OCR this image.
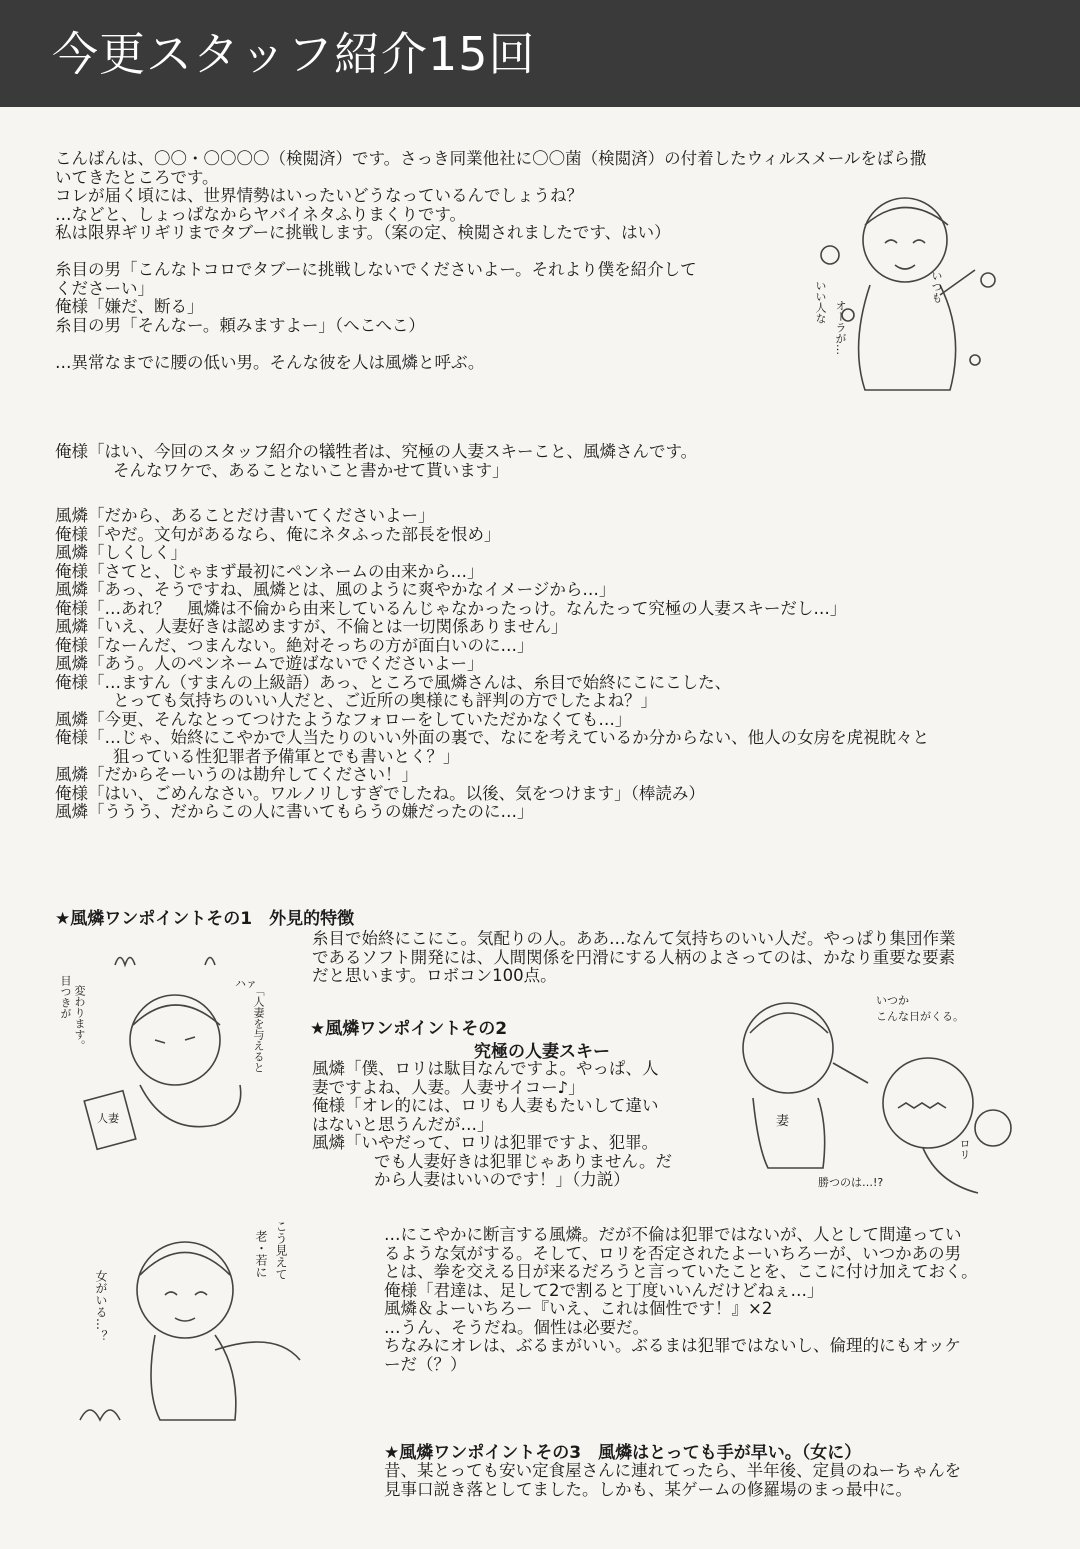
今更スタッフ紹介15回
こんばんは、〇〇・〇〇〇〇（検閲済）です。さっき同業他社に〇〇菌（検閲済）の付着したウィルスメールをばら撒
いてきたところです。
コレが届く頃には、世界情勢はいったいどうなっているんでしょうね？
…などと、しょっぱなからヤバイネタふりまくりです。
私は限界ギリギリまでタブーに挑戦します。（案の定、検閲されましたです、はい）
糸目の男「こんなトコロでタブーに挑戦しないでくださいよー。それより僕を紹介して
くださーい」
俺様「嫌だ、断る」
糸目の男「そんなー。頼みますよー」（へこへこ）
…異常なまでに腰の低い男。そんな彼を人は風燐と呼ぶ。
俺様「はい、今回のスタッフ紹介の犠牲者は、究極の人妻スキーこと、風燐さんです。
そんなワケで、あることないこと書かせて貰います」
風燐「だから、あることだけ書いてくださいよー」
俺様「やだ。文句があるなら、俺にネタふった部長を恨め」
風燐「しくしく」
俺様「さてと、じゃまず最初にペンネームの由来から…」
風燐「あっ、そうですね、風燐とは、風のように爽やかなイメージから…」
俺様「…あれ？　風燐は不倫から由来しているんじゃなかったっけ。なんたって究極の人妻スキーだし…」
風燐「いえ、人妻好きは認めますが、不倫とは一切関係ありません」
俺様「なーんだ、つまんない。絶対そっちの方が面白いのに…」
風燐「あう。人のペンネームで遊ばないでくださいよー」
俺様「…ますん（すまんの上級語）あっ、ところで風燐さんは、糸目で始終にこにこした、
とっても気持ちのいい人だと、ご近所の奥様にも評判の方でしたよね？」
風燐「今更、そんなとってつけたようなフォローをしていただかなくても…」
俺様「…じゃ、始終にこやかで人当たりのいい外面の裏で、なにを考えているか分からない、他人の女房を虎視眈々と
狙っている性犯罪者予備軍とでも書いとく？」
風燐「だからそーいうのは勘弁してください！」
俺様「はい、ごめんなさい。ワルノリしすぎでしたね。以後、気をつけます」（棒読み）
風燐「ううう、だからこの人に書いてもらうの嫌だったのに…」
★風燐ワンポイントその1　外見的特徴
糸目で始終にこにこ。気配りの人。ああ…なんて気持ちのいい人だ。やっぱり集団作業
であるソフト開発には、人間関係を円滑にする人柄のよさってのは、かなり重要な要素
だと思います。ロボコン100点。
★風燐ワンポイントその2
究極の人妻スキー
風燐「僕、ロリは駄目なんですよ。やっぱ、人
妻ですよね、人妻。人妻サイコー♪」
俺様「オレ的には、ロリも人妻もたいして違い
はないと思うんだが…」
風燐「いやだって、ロリは犯罪ですよ、犯罪。
でも人妻好きは犯罪じゃありません。だ
から人妻はいいのです！」（力説）
…にこやかに断言する風燐。だが不倫は犯罪ではないが、人として間違ってい
るような気がする。そして、ロリを否定されたよーいちろーが、いつかあの男
とは、拳を交える日が来るだろうと言っていたことを、ここに付け加えておく。
俺様「君達は、足して2で割ると丁度いいんだけどねぇ…」
風燐＆よーいちろー『いえ、これは個性です！』×2
…うん、そうだね。個性は必要だ。
ちなみにオレは、ぶるまがいい。ぶるまは犯罪ではないし、倫理的にもオッケ
ーだ（？）
★風燐ワンポイントその3　風燐はとっても手が早い。（女に）
昔、某とっても安い定食屋さんに連れてったら、半年後、定員のねーちゃんを
見事口説き落としてました。しかも、某ゲームの修羅場のまっ最中に。
いつも
いい人な オーラが…
目つきが 変わります。	「人妻を与えると
ハァ
人妻
いつか
こんな日がくる。
妻
ロリ
勝つのは…!?
こう見えて
老・若に
女がいる…？
